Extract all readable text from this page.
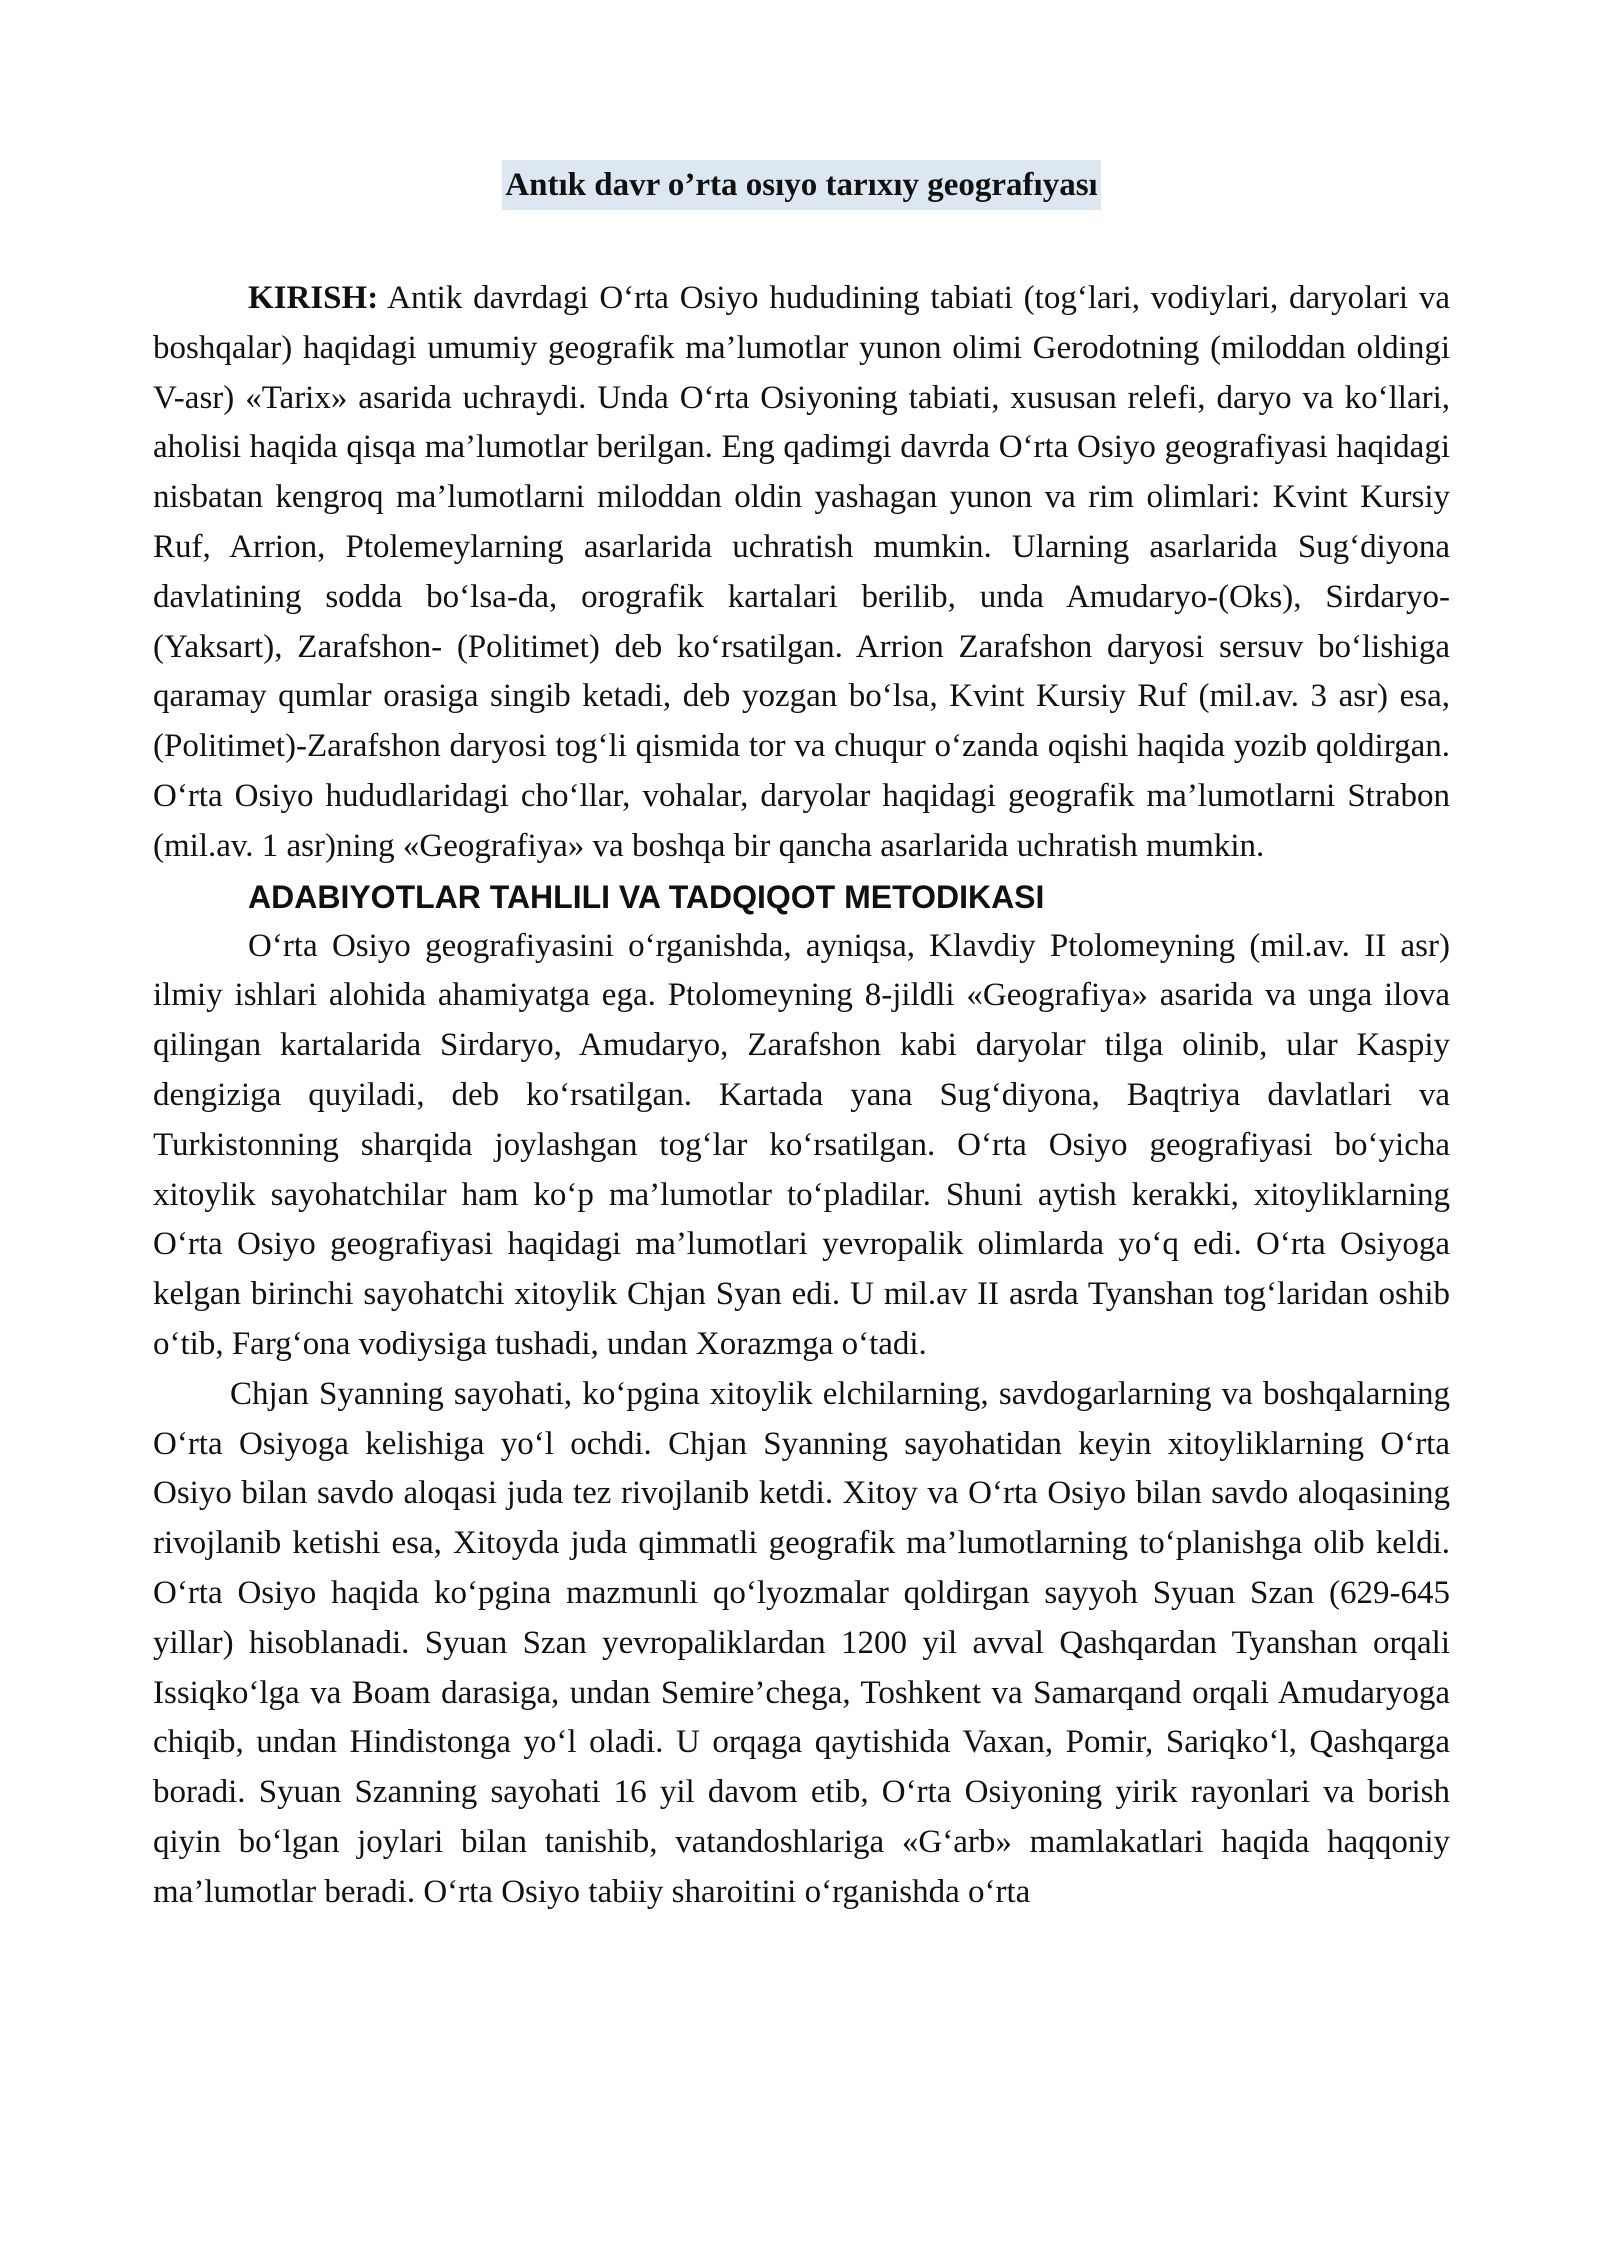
Antık davr o’rta osıyo tarıxıy geografıyası

KIRISH: Antik davrdagi O‘rta Osiyo hududining tabiati (tog‘lari, vodiylari, daryolari va boshqalar) haqidagi umumiy geografik ma’lumotlar yunon olimi Gerodotning (miloddan oldingi V-asr) «Tarix» asarida uchraydi. Unda O‘rta Osiyoning tabiati, xususan relefi, daryo va ko‘llari, aholisi haqida qisqa ma’lumotlar berilgan. Eng qadimgi davrda O‘rta Osiyo geografiyasi haqidagi nisbatan kengroq ma’lumotlarni miloddan oldin yashagan yunon va rim olimlari: Kvint Kursiy Ruf, Arrion, Ptolemeylarning asarlarida uchratish mumkin. Ularning asarlarida Sug‘diyona davlatining sodda bo‘lsa-da, orografik kartalari berilib, unda Amudaryo-(Oks), Sirdaryo-(Yaksart), Zarafshon- (Politimet) deb ko‘rsatilgan. Arrion Zarafshon daryosi sersuv bo‘lishiga qaramay qumlar orasiga singib ketadi, deb yozgan bo‘lsa, Kvint Kursiy Ruf (mil.av. 3 asr) esa, (Politimet)-Zarafshon daryosi tog‘li qismida tor va chuqur o‘zanda oqishi haqida yozib qoldirgan. O‘rta Osiyo hududlaridagi cho‘llar, vohalar, daryolar haqidagi geografik ma’lumotlarni Strabon (mil.av. 1 asr)ning «Geografiya» va boshqa bir qancha asarlarida uchratish mumkin.

ADABIYOTLAR TAHLILI VA TADQIQOT METODIKASI

O‘rta Osiyo geografiyasini o‘rganishda, ayniqsa, Klavdiy Ptolomeyning (mil.av. II asr) ilmiy ishlari alohida ahamiyatga ega. Ptolomeyning 8-jildli «Geografiya» asarida va unga ilova qilingan kartalarida Sirdaryo, Amudaryo, Zarafshon kabi daryolar tilga olinib, ular Kaspiy dengiziga quyiladi, deb ko‘rsatilgan. Kartada yana Sug‘diyona, Baqtriya davlatlari va Turkistonning sharqida joylashgan tog‘lar ko‘rsatilgan. O‘rta Osiyo geografiyasi bo‘yicha xitoylik sayohatchilar ham ko‘p ma’lumotlar to‘pladilar. Shuni aytish kerakki, xitoyliklarning O‘rta Osiyo geografiyasi haqidagi ma’lumotlari yevropalik olimlarda yo‘q edi. O‘rta Osiyoga kelgan birinchi sayohatchi xitoylik Chjan Syan edi. U mil.av II asrda Tyanshan tog‘laridan oshib o‘tib, Farg‘ona vodiysiga tushadi, undan Xorazmga o‘tadi.

Chjan Syanning sayohati, ko‘pgina xitoylik elchilarning, savdogarlarning va boshqalarning O‘rta Osiyoga kelishiga yo‘l ochdi. Chjan Syanning sayohatidan keyin xitoyliklarning O‘rta Osiyo bilan savdo aloqasi juda tez rivojlanib ketdi. Xitoy va O‘rta Osiyo bilan savdo aloqasining rivojlanib ketishi esa, Xitoyda juda qimmatli geografik ma’lumotlarning to‘planishga olib keldi. O‘rta Osiyo haqida ko‘pgina mazmunli qo‘lyozmalar qoldirgan sayyoh Syuan Szan (629-645 yillar) hisoblanadi. Syuan Szan yevropaliklardan 1200 yil avval Qashqardan Tyanshan orqali Issiqko‘lga va Boam darasiga, undan Semire’chega, Toshkent va Samarqand orqali Amudaryoga chiqib, undan Hindistonga yo‘l oladi. U orqaga qaytishida Vaxan, Pomir, Sariqko‘l, Qashqarga boradi. Syuan Szanning sayohati 16 yil davom etib, O‘rta Osiyoning yirik rayonlari va borish qiyin bo‘lgan joylari bilan tanishib, vatandoshlariga «G‘arb» mamlakatlari haqida haqqoniy ma’lumotlar beradi. O‘rta Osiyo tabiiy sharoitini o‘rganishda o‘rta
